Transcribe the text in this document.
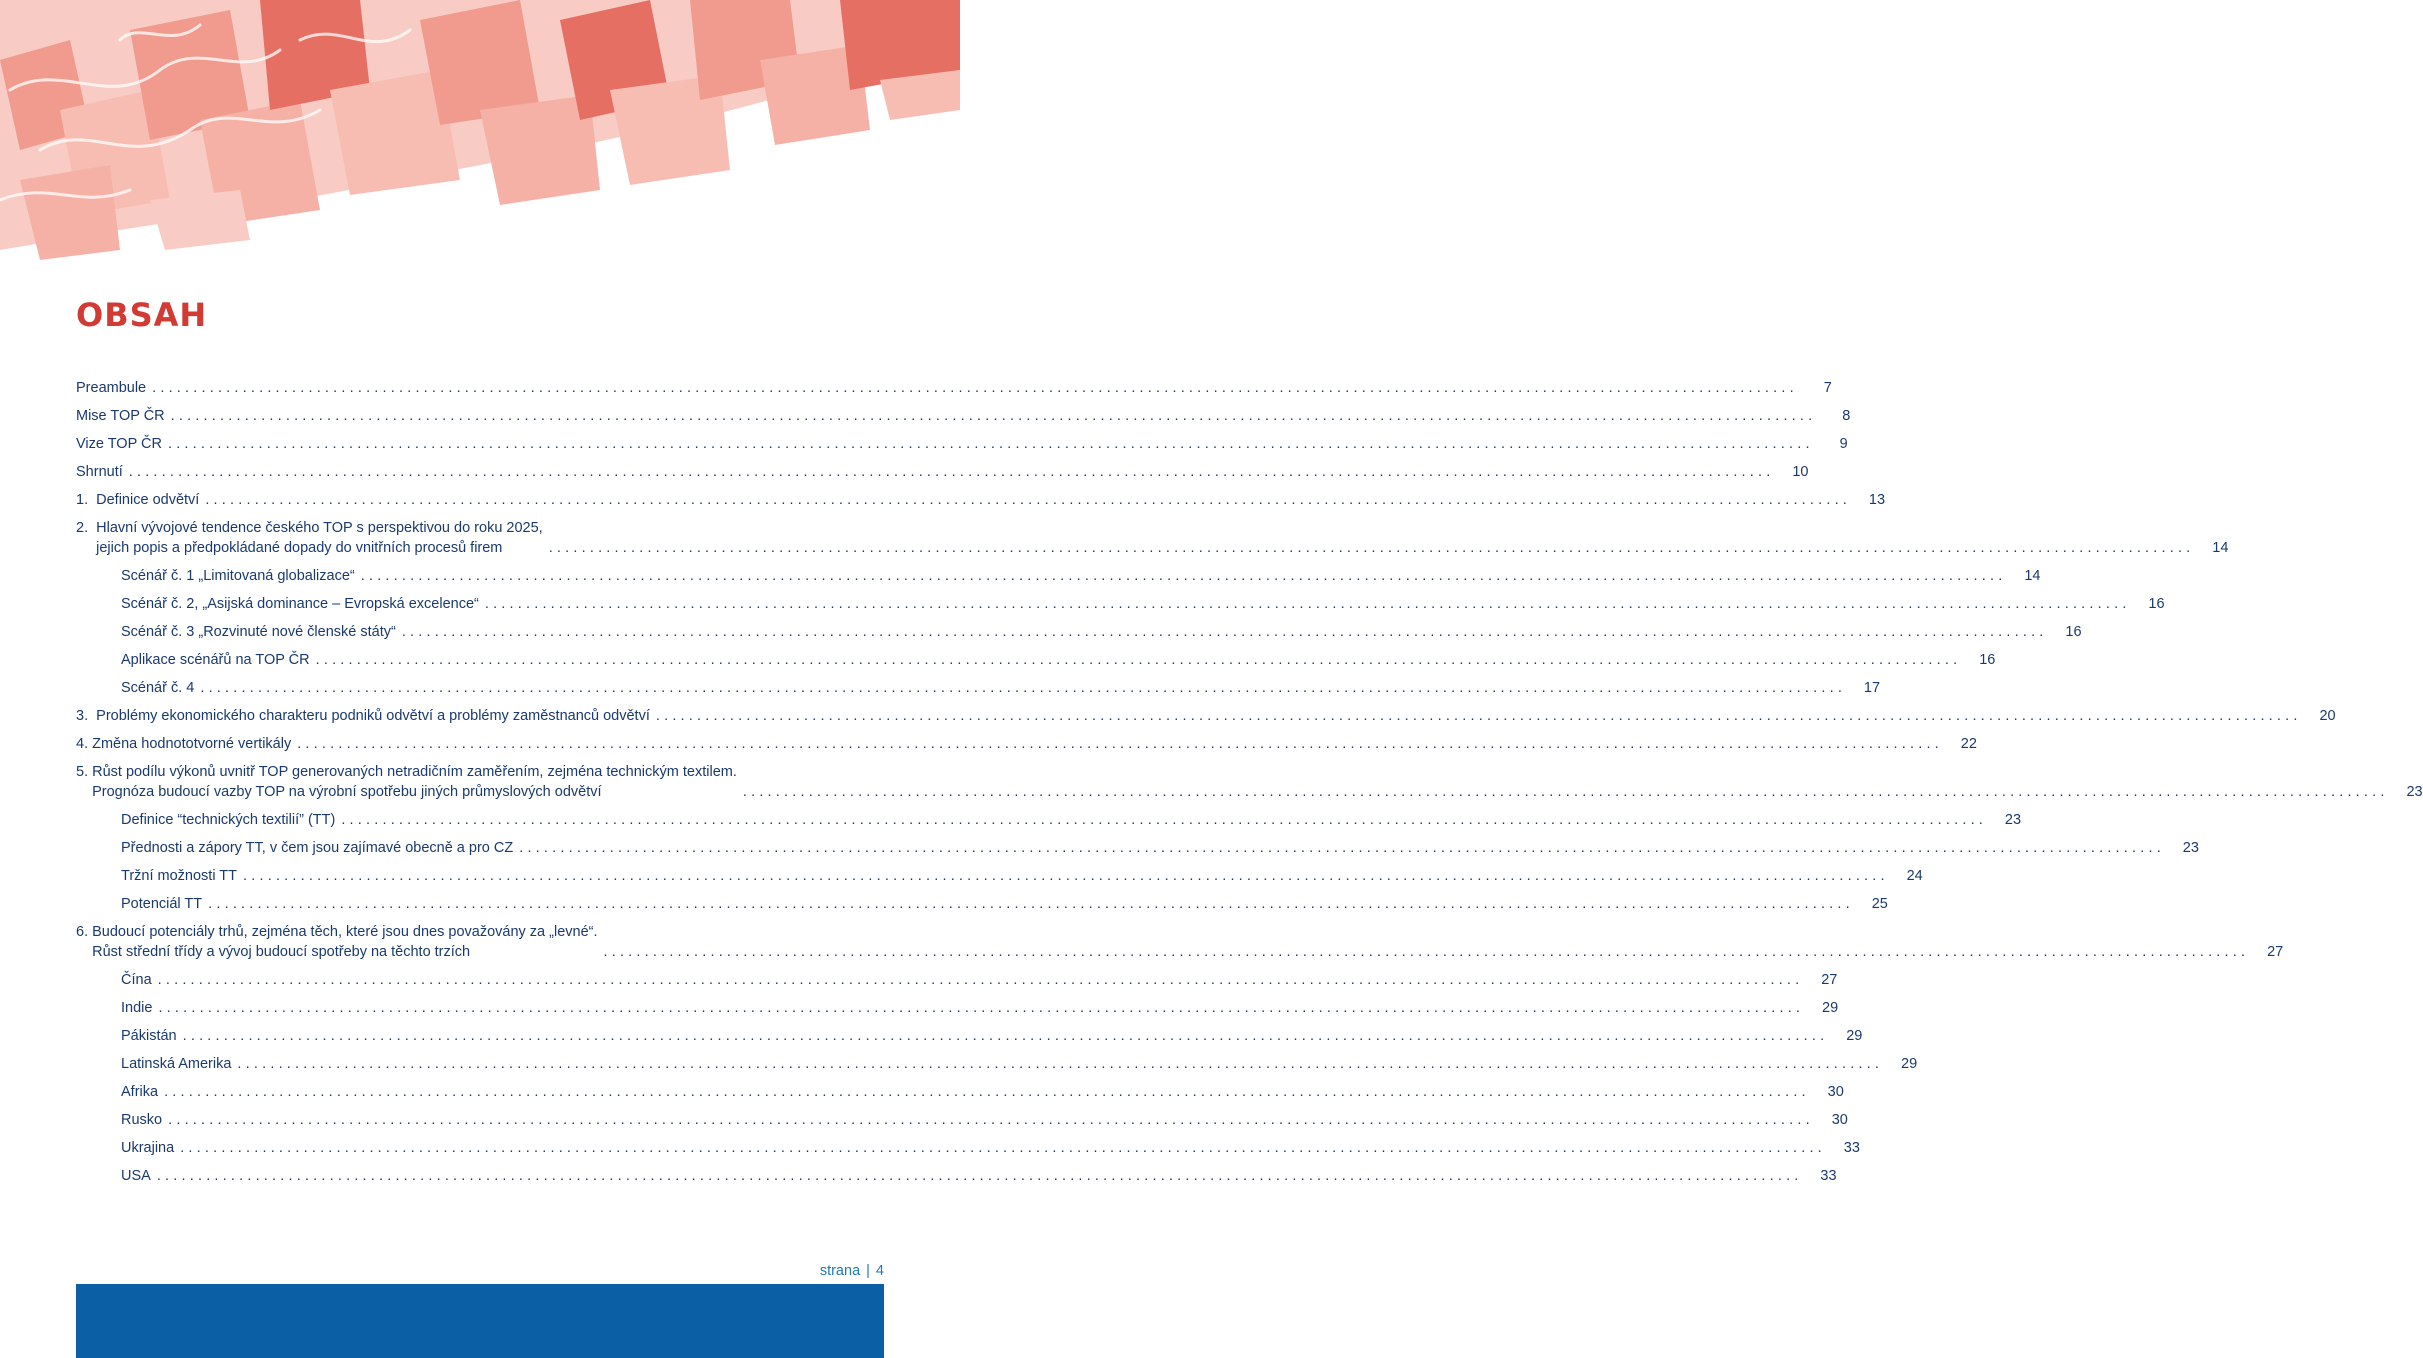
OBSAH
Preambule ........................................................................................................................................................................................................	7
Mise TOP ČR ........................................................................................................................................................................................................	8
Vize TOP ČR ........................................................................................................................................................................................................	9
Shrnutí ........................................................................................................................................................................................................	10
1.  Definice odvětví ........................................................................................................................................................................................................	13
2.  Hlavní vývojové tendence českého TOP s perspektivou do roku 2025,
jejich popis a předpokládané dopady do vnitřních procesů firem	........................................................................................................................................................................................................	14
Scénář č. 1 „Limitovaná globalizace“ ........................................................................................................................................................................................................	14
Scénář č. 2, „Asijská dominance – Evropská excelence“ ........................................................................................................................................................................................................	16
Scénář č. 3 „Rozvinuté nové členské státy“ ........................................................................................................................................................................................................	16
Aplikace scénářů na TOP ČR ........................................................................................................................................................................................................	16
Scénář č. 4 ........................................................................................................................................................................................................	17
3.  Problémy ekonomického charakteru podniků odvětví a problémy zaměstnanců odvětví ........................................................................................................................................................................................................	20
4. Změna hodnototvorné vertikály ........................................................................................................................................................................................................	22
5. Růst podílu výkonů uvnitř TOP generovaných netradičním zaměřením, zejména technickým textilem.
Prognóza budoucí vazby TOP na výrobní spotřebu jiných průmyslových odvětví	........................................................................................................................................................................................................	23
Definice “technických textilií” (TT) ........................................................................................................................................................................................................	23
Přednosti a zápory TT, v čem jsou zajímavé obecně a pro CZ ........................................................................................................................................................................................................	23
Tržní možnosti TT ........................................................................................................................................................................................................	24
Potenciál TT ........................................................................................................................................................................................................	25
6. Budoucí potenciály trhů, zejména těch, které jsou dnes považovány za „levné“.
Růst střední třídy a vývoj budoucí spotřeby na těchto trzích	........................................................................................................................................................................................................	27
Čína ........................................................................................................................................................................................................	27
Indie ........................................................................................................................................................................................................	29
Pákistán ........................................................................................................................................................................................................	29
Latinská Amerika ........................................................................................................................................................................................................	29
Afrika ........................................................................................................................................................................................................	30
Rusko ........................................................................................................................................................................................................	30
Ukrajina ........................................................................................................................................................................................................	33
USA ........................................................................................................................................................................................................	33
strana | 4
